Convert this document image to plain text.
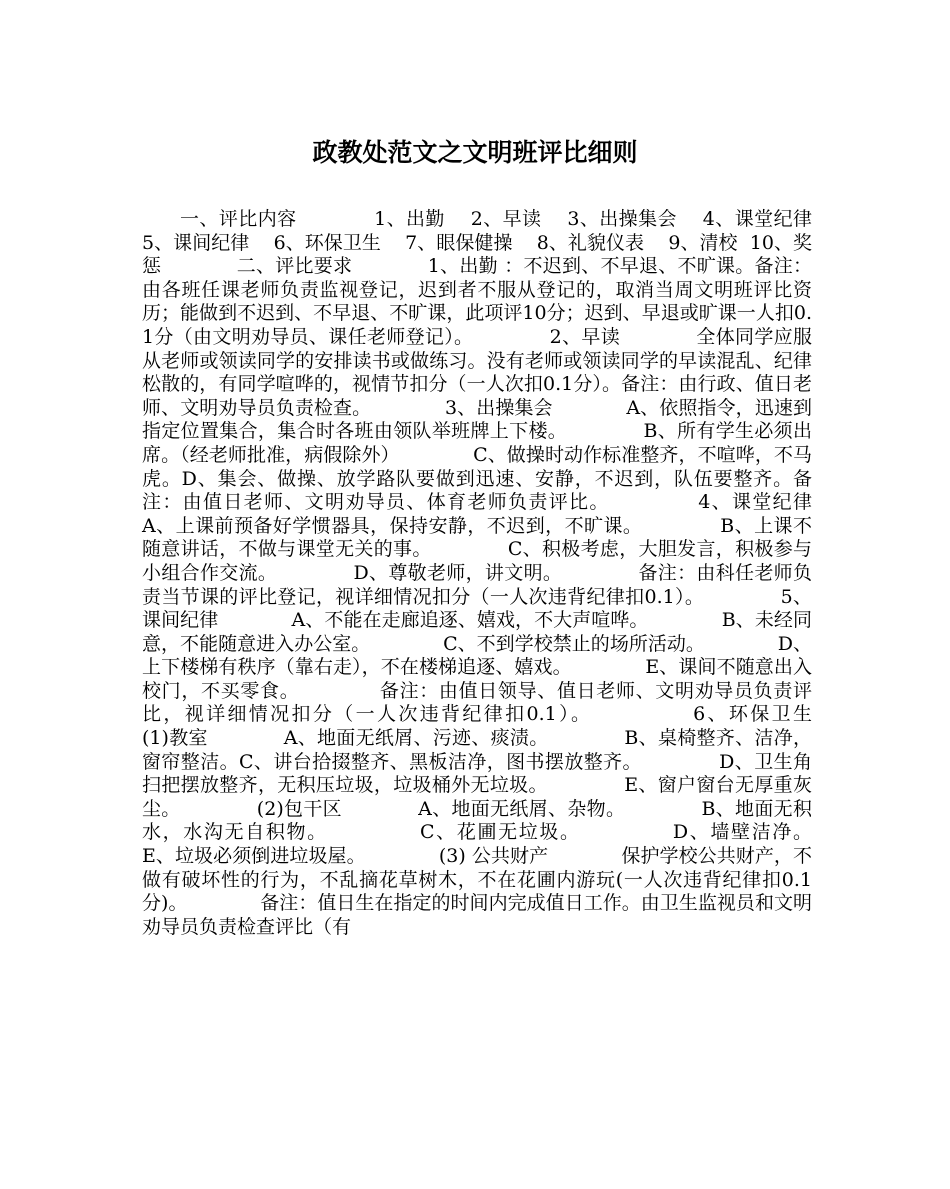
政教处范文之文明班评比细则

一、评比内容            1、出勤    2、早读    3、出操集会    4、课堂纪律    5、课间纪律    6、环保卫生    7、眼保健操    8、礼貌仪表    9、清校  10、奖惩            二、评比要求            1、出勤 ：不迟到、不早退、不旷课。备注：由各班任课老师负责监视登记，迟到者不服从登记的，取消当周文明班评比资历；能做到不迟到、不早退、不旷课，此项评10分；迟到、早退或旷课一人扣0.1分（由文明劝导员、课任老师登记）。            2、早读            全体同学应服从老师或领读同学的安排读书或做练习。没有老师或领读同学的早读混乱、纪律松散的，有同学喧哗的，视情节扣分（一人次扣0.1分）。备注：由行政、值日老师、文明劝导员负责检查。            3、出操集会            A、依照指令，迅速到指定位置集合，集合时各班由领队举班牌上下楼。            B、所有学生必须出席。（经老师批准，病假除外）            C、做操时动作标准整齐，不喧哗，不马虎。D、集会、做操、放学路队要做到迅速、安静，不迟到，队伍要整齐。备注：由值日老师、文明劝导员、体育老师负责评比。            4、课堂纪律            A、上课前预备好学惯器具，保持安静，不迟到，不旷课。            B、上课不随意讲话，不做与课堂无关的事。            C、积极考虑，大胆发言，积极参与小组合作交流。            D、尊敬老师，讲文明。            备注：由科任老师负责当节课的评比登记，视详细情况扣分（一人次违背纪律扣0.1）。            5、课间纪律            A、不能在走廊追逐、嬉戏，不大声喧哗。            B、未经同意，不能随意进入办公室。            C、不到学校禁止的场所活动。            D、上下楼梯有秩序（靠右走），不在楼梯追逐、嬉戏。            E、课间不随意出入校门，不买零食。            备注：由值日领导、值日老师、文明劝导员负责评比，视详细情况扣分（一人次违背纪律扣0.1）。            6、环保卫生            (1)教室            A、地面无纸屑、污迹、痰渍。            B、桌椅整齐、洁净，窗帘整洁。C、讲台拾掇整齐、黑板洁净，图书摆放整齐。            D、卫生角扫把摆放整齐，无积压垃圾，垃圾桶外无垃圾。            E、窗户窗台无厚重灰尘。            (2)包干区            A、地面无纸屑、杂物。            B、地面无积水，水沟无自积物。            C、花圃无垃圾。            D、墙壁洁净。            E、垃圾必须倒进垃圾屋。            (3) 公共财产            保护学校公共财产，不做有破坏性的行为，不乱摘花草树木，不在花圃内游玩(一人次违背纪律扣0.1分)。            备注：值日生在指定的时间内完成值日工作。由卫生监视员和文明劝导员负责检查评比（有
